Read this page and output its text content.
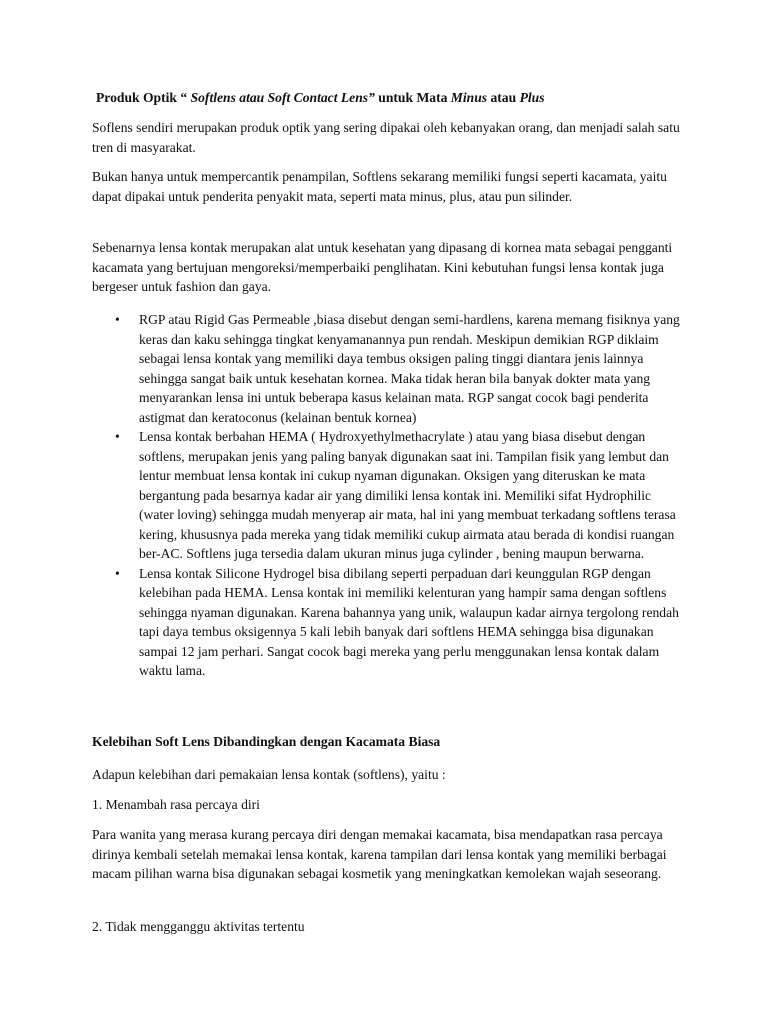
Produk Optik “ Softlens atau Soft Contact Lens” untuk Mata Minus atau Plus

Soflens sendiri merupakan produk optik yang sering dipakai oleh kebanyakan orang, dan menjadi salah satu tren di masyarakat.

Bukan hanya untuk mempercantik penampilan, Softlens sekarang memiliki fungsi seperti kacamata, yaitu dapat dipakai untuk penderita penyakit mata, seperti mata minus, plus, atau pun silinder.

Sebenarnya lensa kontak merupakan alat untuk kesehatan yang dipasang di kornea mata sebagai pengganti kacamata yang bertujuan mengoreksi/memperbaiki penglihatan. Kini kebutuhan fungsi lensa kontak juga bergeser untuk fashion dan gaya.

• RGP atau Rigid Gas Permeable ,biasa disebut dengan semi-hardlens, karena memang fisiknya yang keras dan kaku sehingga tingkat kenyamanannya pun rendah. Meskipun demikian RGP diklaim sebagai lensa kontak yang memiliki daya tembus oksigen paling tinggi diantara jenis lainnya sehingga sangat baik untuk kesehatan kornea. Maka tidak heran bila banyak dokter mata yang menyarankan lensa ini untuk beberapa kasus kelainan mata. RGP sangat cocok bagi penderita astigmat dan keratoconus (kelainan bentuk kornea)
• Lensa kontak berbahan HEMA ( Hydroxyethylmethacrylate ) atau yang biasa disebut dengan softlens, merupakan jenis yang paling banyak digunakan saat ini. Tampilan fisik yang lembut dan lentur membuat lensa kontak ini cukup nyaman digunakan. Oksigen yang diteruskan ke mata bergantung pada besarnya kadar air yang dimiliki lensa kontak ini. Memiliki sifat Hydrophilic (water loving) sehingga mudah menyerap air mata, hal ini yang membuat terkadang softlens terasa kering, khususnya pada mereka yang tidak memiliki cukup airmata atau berada di kondisi ruangan ber-AC. Softlens juga tersedia dalam ukuran minus juga cylinder , bening maupun berwarna.
• Lensa kontak Silicone Hydrogel bisa dibilang seperti perpaduan dari keunggulan RGP dengan kelebihan pada HEMA. Lensa kontak ini memiliki kelenturan yang hampir sama dengan softlens sehingga nyaman digunakan. Karena bahannya yang unik, walaupun kadar airnya tergolong rendah tapi daya tembus oksigennya 5 kali lebih banyak dari softlens HEMA sehingga bisa digunakan sampai 12 jam perhari. Sangat cocok bagi mereka yang perlu menggunakan lensa kontak dalam waktu lama.

Kelebihan Soft Lens Dibandingkan dengan Kacamata Biasa

Adapun kelebihan dari pemakaian lensa kontak (softlens), yaitu :

1. Menambah rasa percaya diri

Para wanita yang merasa kurang percaya diri dengan memakai kacamata, bisa mendapatkan rasa percaya dirinya kembali setelah memakai lensa kontak, karena tampilan dari lensa kontak yang memiliki berbagai macam pilihan warna bisa digunakan sebagai kosmetik yang meningkatkan kemolekan wajah seseorang.

2. Tidak mengganggu aktivitas tertentu
